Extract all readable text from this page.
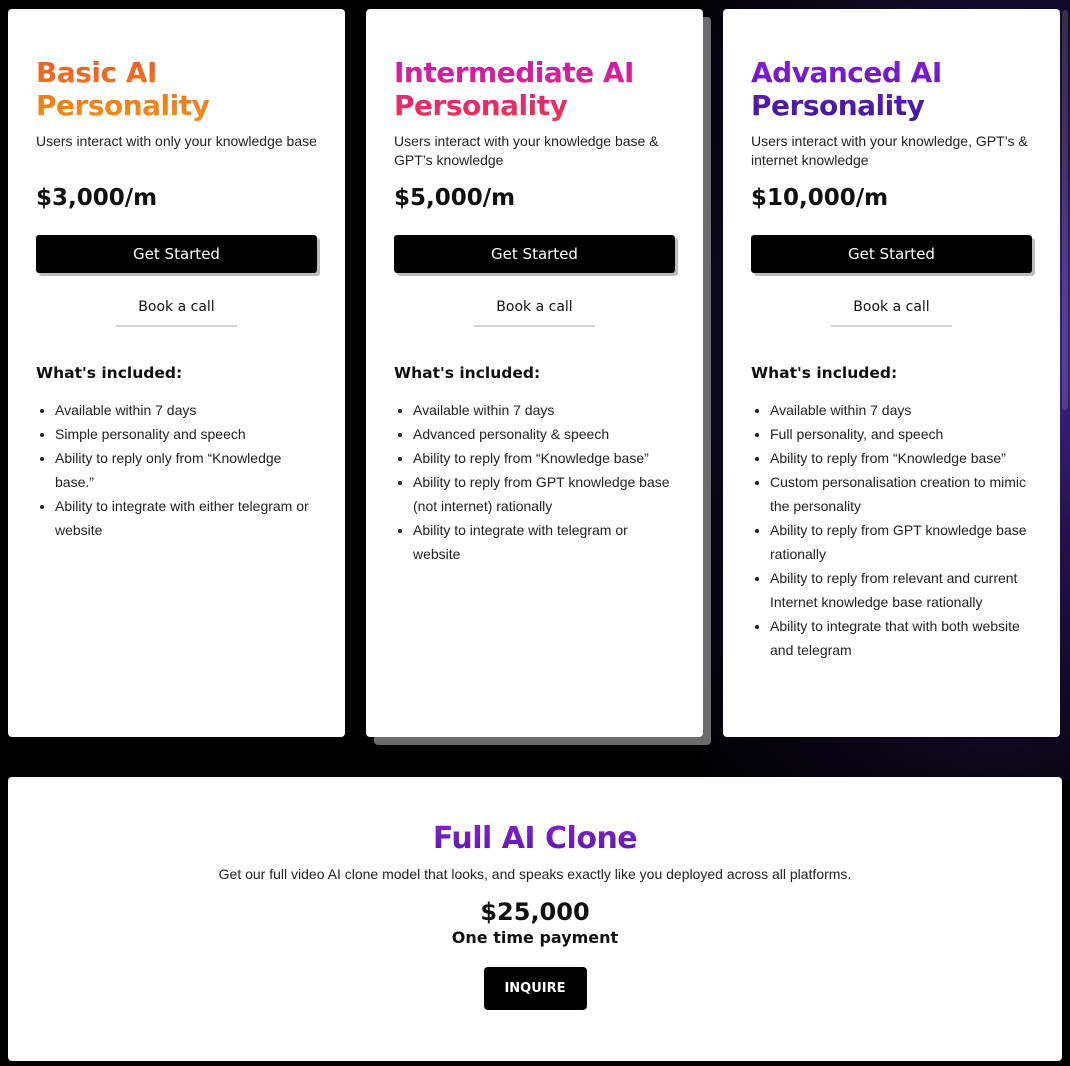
Basic AI
Personality

Users interact with only your knowledge base

$3,000/m
Get Started
Book a call
What's included:
• Available within 7 days
• Simple personality and speech
• Ability to reply only from “Knowledge base.”
• Ability to integrate with either telegram or website
Intermediate AI
Personality

Users interact with your knowledge base & GPT’s knowledge

$5,000/m
Get Started
Book a call
What's included:
• Available within 7 days
• Advanced personality & speech
• Ability to reply from “Knowledge base”
• Ability to reply from GPT knowledge base (not internet) rationally
• Ability to integrate with telegram or website
Advanced AI
Personality

Users interact with your knowledge, GPT’s & internet knowledge

$10,000/m
Get Started
Book a call
What's included:
• Available within 7 days
• Full personality, and speech
• Ability to reply from “Knowledge base”
• Custom personalisation creation to mimic the personality
• Ability to reply from GPT knowledge base rationally
• Ability to reply from relevant and current Internet knowledge base rationally
• Ability to integrate that with both website and telegram
Full AI Clone

Get our full video AI clone model that looks, and speaks exactly like you deployed across all platforms.

$25,000
One time payment
INQUIRE
